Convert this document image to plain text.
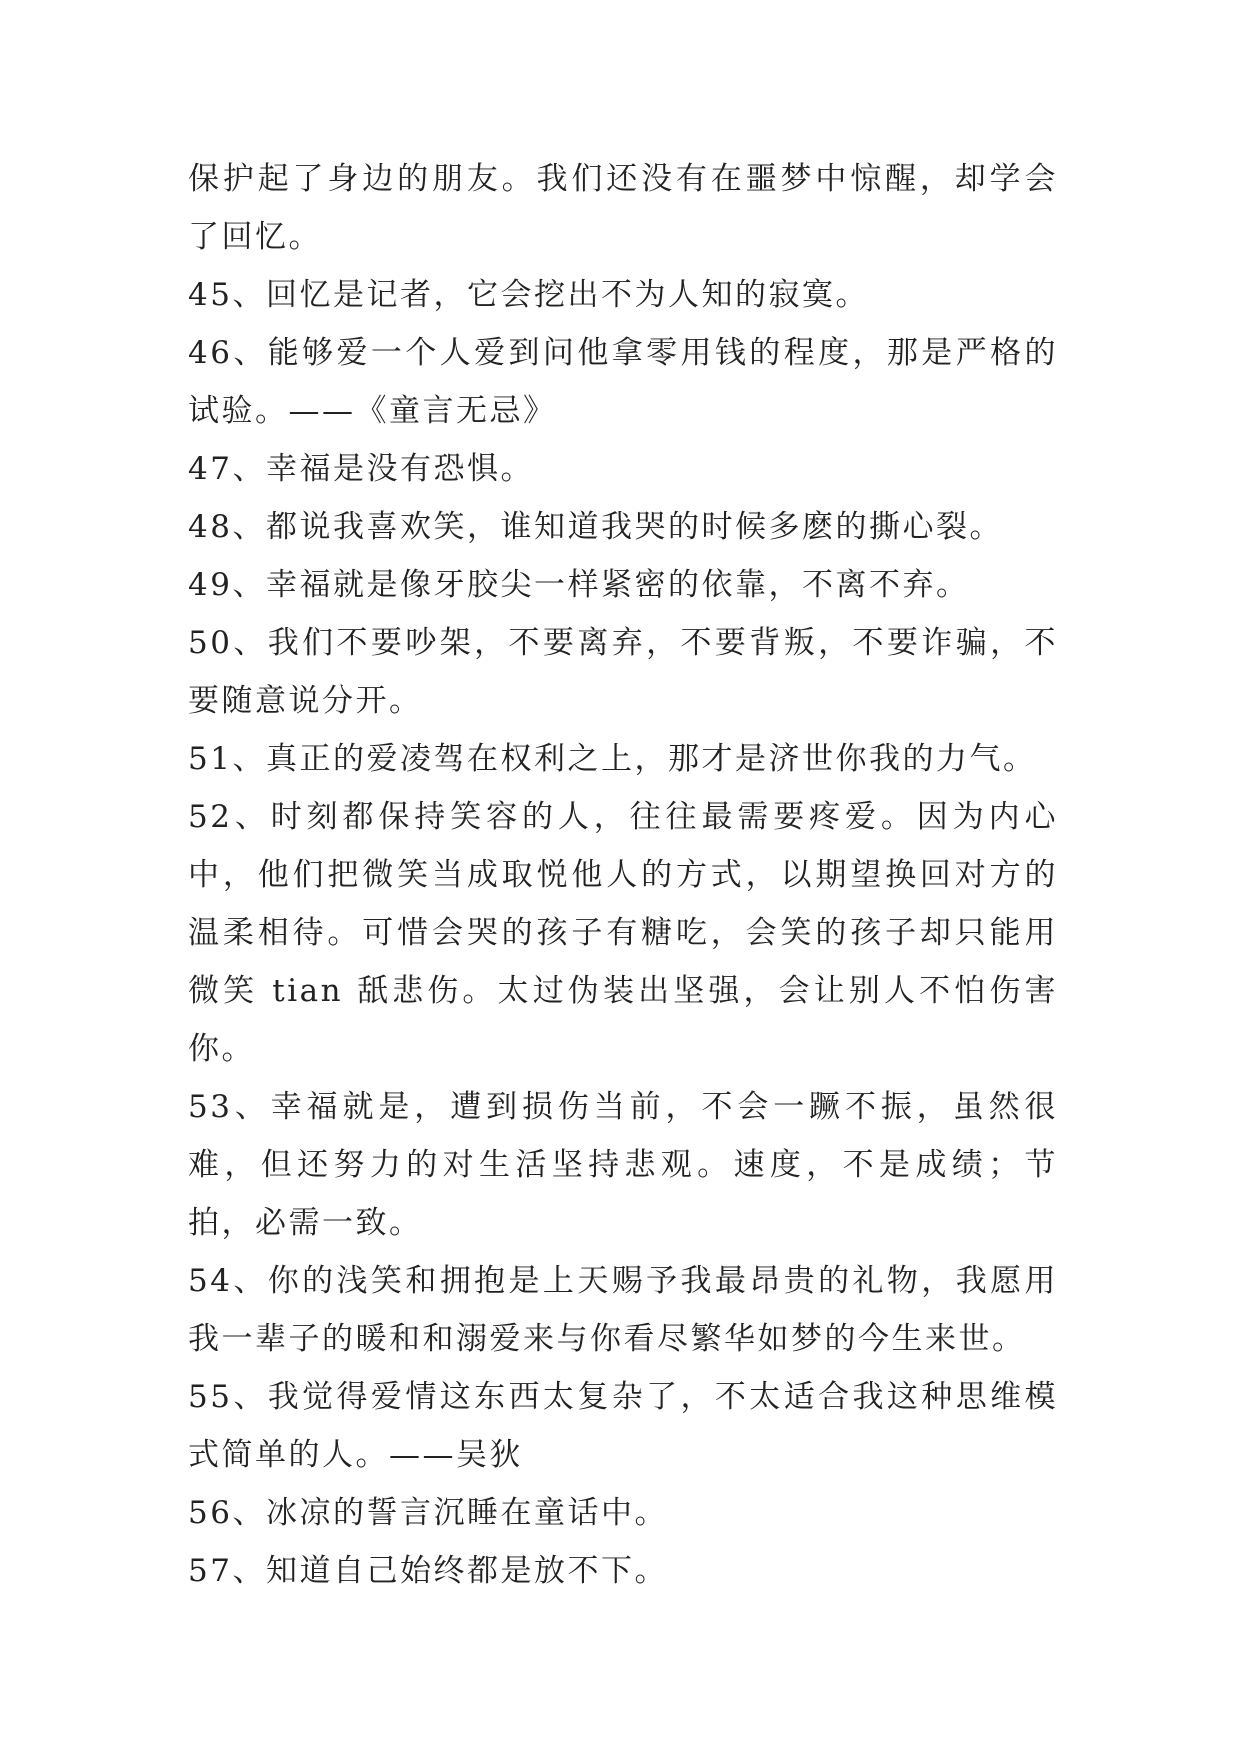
保护起了身边的朋友。我们还没有在噩梦中惊醒，却学会了回忆。

45、回忆是记者，它会挖出不为人知的寂寞。

46、能够爱一个人爱到问他拿零用钱的程度，那是严格的试验。——《童言无忌》

47、幸福是没有恐惧。

48、都说我喜欢笑，谁知道我哭的时候多麽的撕心裂。

49、幸福就是像牙胶尖一样紧密的依靠，不离不弃。

50、我们不要吵架，不要离弃，不要背叛，不要诈骗，不要随意说分开。

51、真正的爱凌驾在权利之上，那才是济世你我的力气。

52、时刻都保持笑容的人，往往最需要疼爱。因为内心中，他们把微笑当成取悦他人的方式，以期望换回对方的温柔相待。可惜会哭的孩子有糖吃，会笑的孩子却只能用微笑 tian 舐悲伤。太过伪装出坚强，会让别人不怕伤害你。

53、幸福就是，遭到损伤当前，不会一蹶不振，虽然很难，但还努力的对生活坚持悲观。速度，不是成绩；节拍，必需一致。

54、你的浅笑和拥抱是上天赐予我最昂贵的礼物，我愿用我一辈子的暖和和溺爱来与你看尽繁华如梦的今生来世。

55、我觉得爱情这东西太复杂了，不太适合我这种思维模式简单的人。——吴狄

56、冰凉的誓言沉睡在童话中。

57、知道自己始终都是放不下。
